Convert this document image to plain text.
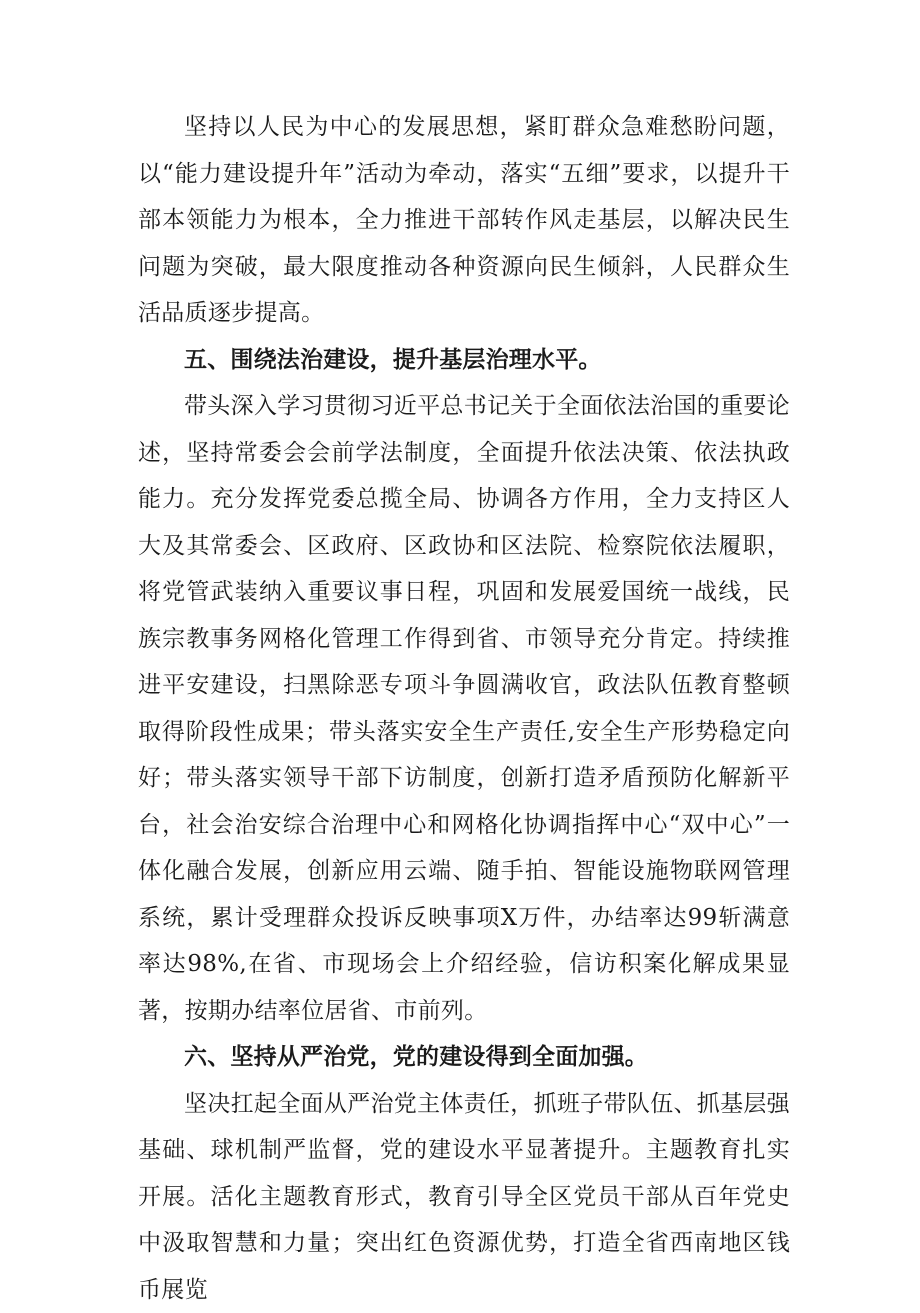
坚持以人民为中心的发展思想，紧盯群众急难愁盼问题，以“能力建设提升年”活动为牵动，落实“五细”要求，以提升干部本领能力为根本，全力推进干部转作风走基层，以解决民生问题为突破，最大限度推动各种资源向民生倾斜，人民群众生活品质逐步提高。

五、围绕法治建设，提升基层治理水平。

带头深入学习贯彻习近平总书记关于全面依法治国的重要论述，坚持常委会会前学法制度，全面提升依法决策、依法执政能力。充分发挥党委总揽全局、协调各方作用，全力支持区人大及其常委会、区政府、区政协和区法院、检察院依法履职，将党管武装纳入重要议事日程，巩固和发展爱国统一战线，民族宗教事务网格化管理工作得到省、市领导充分肯定。持续推进平安建设，扫黑除恶专项斗争圆满收官，政法队伍教育整顿取得阶段性成果；带头落实安全生产责任,安全生产形势稳定向好；带头落实领导干部下访制度，创新打造矛盾预防化解新平台，社会治安综合治理中心和网格化协调指挥中心“双中心”一体化融合发展，创新应用云端、随手拍、智能设施物联网管理系统，累计受理群众投诉反映事项X万件，办结率达99斩满意率达98%,在省、市现场会上介绍经验，信访积案化解成果显著，按期办结率位居省、市前列。

六、坚持从严治党，党的建设得到全面加强。

坚决扛起全面从严治党主体责任，抓班子带队伍、抓基层强基础、球机制严监督，党的建设水平显著提升。主题教育扎实开展。活化主题教育形式，教育引导全区党员干部从百年党史中汲取智慧和力量；突出红色资源优势，打造全省西南地区钱币展览
